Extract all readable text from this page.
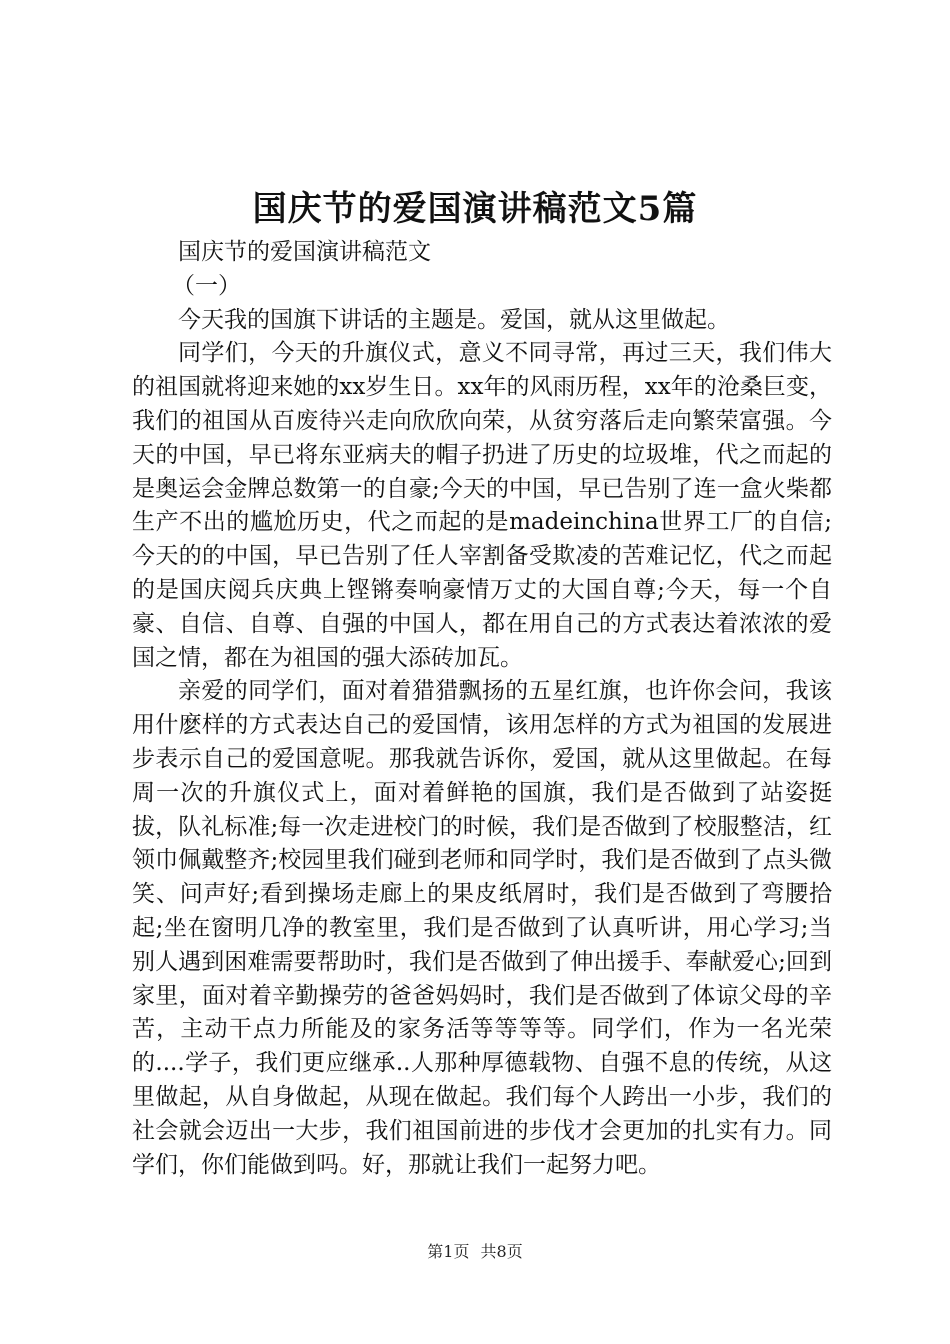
国庆节的爱国演讲稿范文5篇

国庆节的爱国演讲稿范文

（一）

今天我的国旗下讲话的主题是。爱国，就从这里做起。

同学们，今天的升旗仪式，意义不同寻常，再过三天，我们伟大的祖国就将迎来她的xx岁生日。xx年的风雨历程，xx年的沧桑巨变，我们的祖国从百废待兴走向欣欣向荣，从贫穷落后走向繁荣富强。今天的中国，早已将东亚病夫的帽子扔进了历史的垃圾堆，代之而起的是奥运会金牌总数第一的自豪;今天的中国，早已告别了连一盒火柴都生产不出的尴尬历史，代之而起的是madeinchina世界工厂的自信;今天的的中国，早已告别了任人宰割备受欺凌的苦难记忆，代之而起的是国庆阅兵庆典上铿锵奏响豪情万丈的大国自尊;今天，每一个自豪、自信、自尊、自强的中国人，都在用自己的方式表达着浓浓的爱国之情，都在为祖国的强大添砖加瓦。

亲爱的同学们，面对着猎猎飘扬的五星红旗，也许你会问，我该用什麽样的方式表达自己的爱国情，该用怎样的方式为祖国的发展进步表示自己的爱国意呢。那我就告诉你，爱国，就从这里做起。在每周一次的升旗仪式上，面对着鲜艳的国旗，我们是否做到了站姿挺拔，队礼标准;每一次走进校门的时候，我们是否做到了校服整洁，红领巾佩戴整齐;校园里我们碰到老师和同学时，我们是否做到了点头微笑、问声好;看到操场走廊上的果皮纸屑时，我们是否做到了弯腰拾起;坐在窗明几净的教室里，我们是否做到了认真听讲，用心学习;当别人遇到困难需要帮助时，我们是否做到了伸出援手、奉献爱心;回到家里，面对着辛勤操劳的爸爸妈妈时，我们是否做到了体谅父母的辛苦，主动干点力所能及的家务活等等等等。同学们，作为一名光荣的....学子，我们更应继承..人那种厚德载物、自强不息的传统，从这里做起，从自身做起，从现在做起。我们每个人跨出一小步，我们的社会就会迈出一大步，我们祖国前进的步伐才会更加的扎实有力。同学们，你们能做到吗。好，那就让我们一起努力吧。

第1页 共8页
